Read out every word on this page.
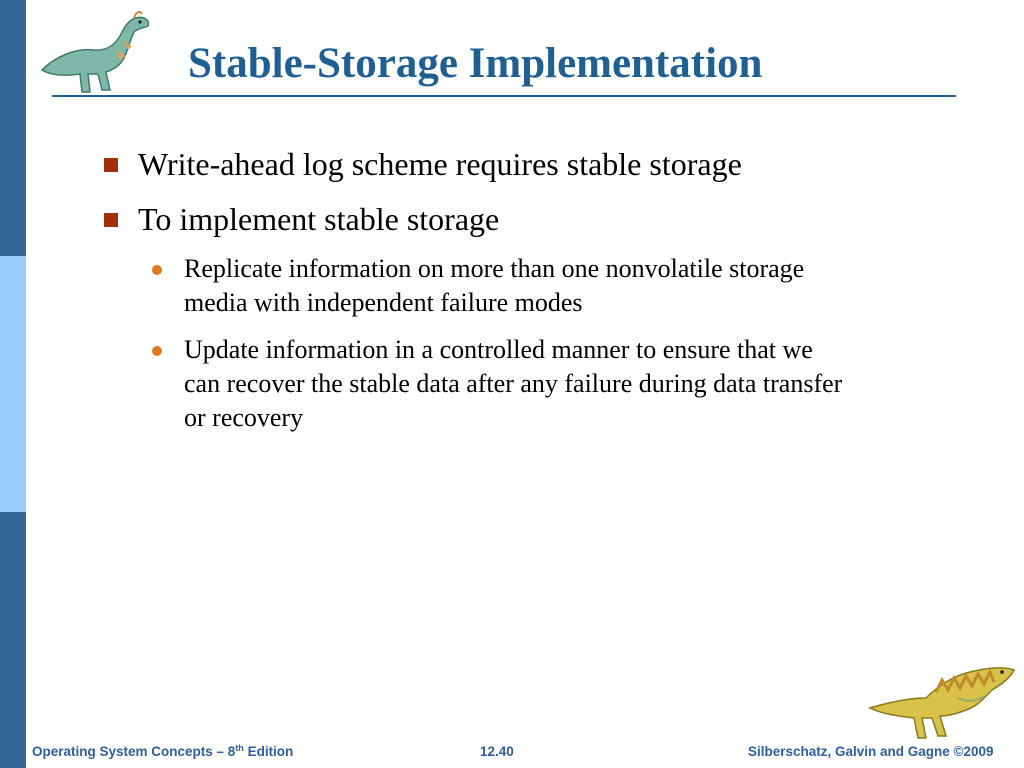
Stable-Storage Implementation
Write-ahead log scheme requires stable storage
To implement stable storage
Replicate information on more than one nonvolatile storage
media with independent failure modes
Update information in a controlled manner to ensure that we
can recover the stable data after any failure during data transfer
or recovery
Operating System Concepts – 8th Edition	12.40	Silberschatz, Galvin and Gagne ©2009
